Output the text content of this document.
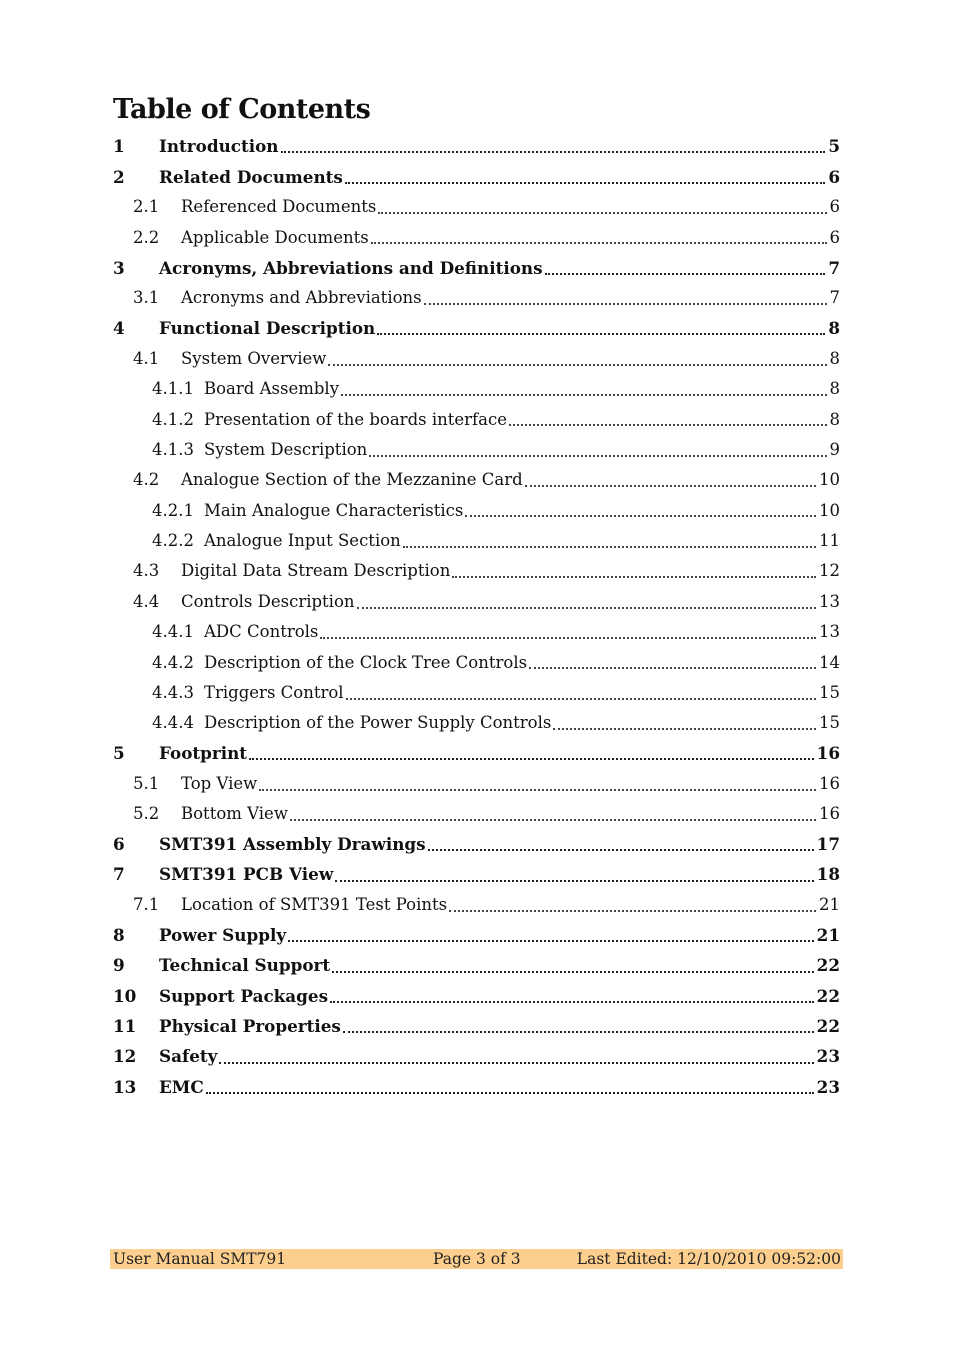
Table of Contents
1	Introduction	5
2	Related Documents	6
2.1	Referenced Documents	6
2.2	Applicable Documents	6
3	Acronyms, Abbreviations and Definitions	7
3.1	Acronyms and Abbreviations	7
4	Functional Description	8
4.1	System Overview	8
4.1.1 Board Assembly	8
4.1.2 Presentation of the boards interface	8
4.1.3 System Description	9
4.2	Analogue Section of the Mezzanine Card	10
4.2.1 Main Analogue Characteristics	10
4.2.2 Analogue Input Section	11
4.3	Digital Data Stream Description	12
4.4	Controls Description	13
4.4.1 ADC Controls	13
4.4.2 Description of the Clock Tree Controls	14
4.4.3 Triggers Control	15
4.4.4 Description of the Power Supply Controls	15
5	Footprint	16
5.1	Top View	16
5.2	Bottom View	16
6	SMT391 Assembly Drawings	17
7	SMT391 PCB View	18
7.1	Location of SMT391 Test Points	21
8	Power Supply	21
9	Technical Support	22
10	Support Packages	22
11	Physical Properties	22
12	Safety	23
13	EMC	23
User Manual SMT791	Page 3 of 3	Last Edited: 12/10/2010 09:52:00
